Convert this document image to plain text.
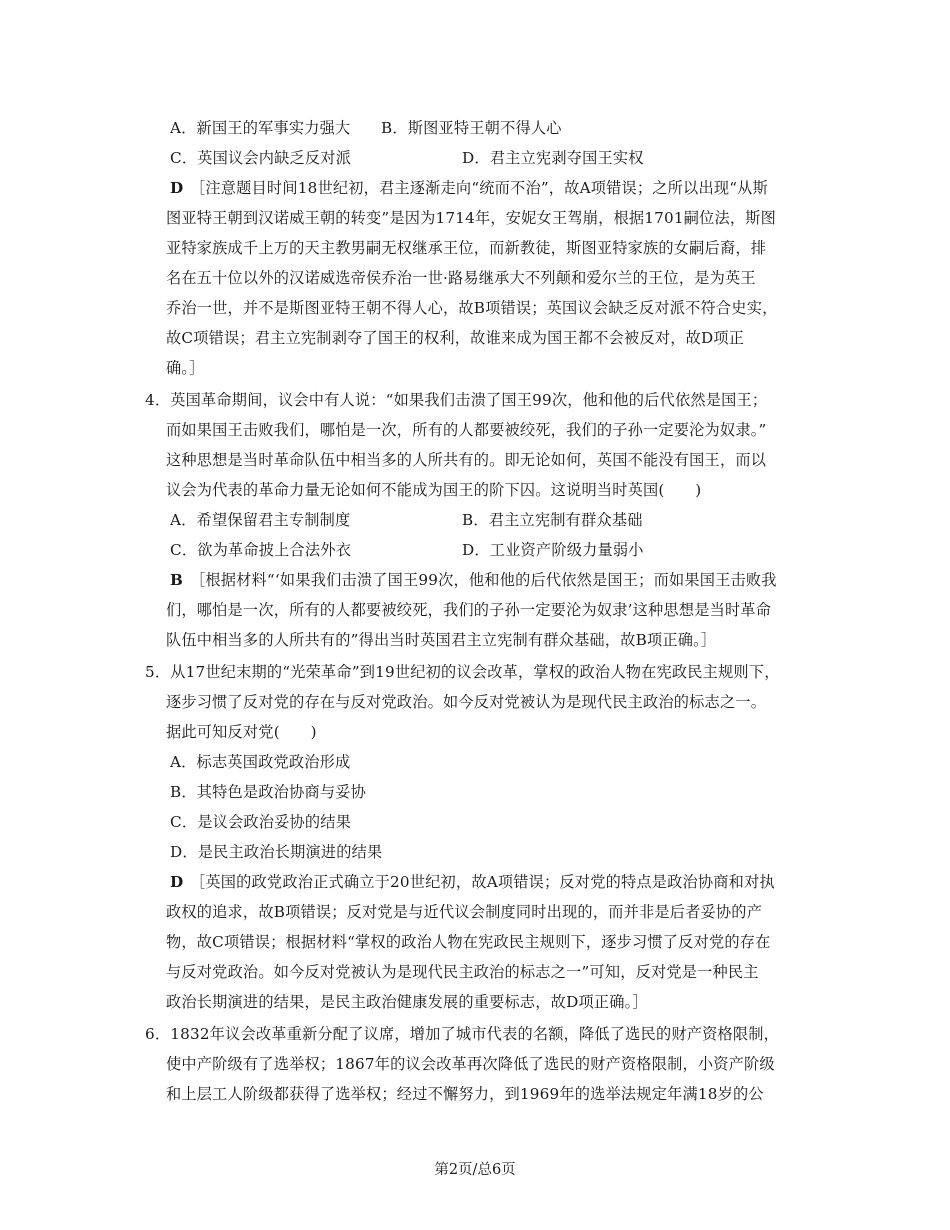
A．新国王的军事实力强大 B．斯图亚特王朝不得人心
C．英国议会内缺乏反对派	D．君主立宪剥夺国王实权
D ［注意题目时间18世纪初，君主逐渐走向“统而不治”，故A项错误；之所以出现“从斯
图亚特王朝到汉诺威王朝的转变”是因为1714年，安妮女王驾崩，根据1701嗣位法，斯图
亚特家族成千上万的天主教男嗣无权继承王位，而新教徒，斯图亚特家族的女嗣后裔，排
名在五十位以外的汉诺威选帝侯乔治一世·路易继承大不列颠和爱尔兰的王位，是为英王
乔治一世，并不是斯图亚特王朝不得人心，故B项错误；英国议会缺乏反对派不符合史实，
故C项错误；君主立宪制剥夺了国王的权利，故谁来成为国王都不会被反对，故D项正
确。］
4．英国革命期间，议会中有人说：“如果我们击溃了国王99次，他和他的后代依然是国王；
而如果国王击败我们，哪怕是一次，所有的人都要被绞死，我们的子孙一定要沦为奴隶。”
这种思想是当时革命队伍中相当多的人所共有的。即无论如何，英国不能没有国王，而以
议会为代表的革命力量无论如何不能成为国王的阶下囚。这说明当时英国(　　)
A．希望保留君主专制制度	B．君主立宪制有群众基础
C．欲为革命披上合法外衣	D．工业资产阶级力量弱小
B ［根据材料“‘如果我们击溃了国王99次，他和他的后代依然是国王；而如果国王击败我
们，哪怕是一次，所有的人都要被绞死，我们的子孙一定要沦为奴隶’这种思想是当时革命
队伍中相当多的人所共有的”得出当时英国君主立宪制有群众基础，故B项正确。］
5．从17世纪末期的“光荣革命”到19世纪初的议会改革，掌权的政治人物在宪政民主规则下，
逐步习惯了反对党的存在与反对党政治。如今反对党被认为是现代民主政治的标志之一。
据此可知反对党(　　)
A．标志英国政党政治形成
B．其特色是政治协商与妥协
C．是议会政治妥协的结果
D．是民主政治长期演进的结果
D ［英国的政党政治正式确立于20世纪初，故A项错误；反对党的特点是政治协商和对执
政权的追求，故B项错误；反对党是与近代议会制度同时出现的，而并非是后者妥协的产
物，故C项错误；根据材料“掌权的政治人物在宪政民主规则下，逐步习惯了反对党的存在
与反对党政治。如今反对党被认为是现代民主政治的标志之一”可知，反对党是一种民主
政治长期演进的结果，是民主政治健康发展的重要标志，故D项正确。］
6．1832年议会改革重新分配了议席，增加了城市代表的名额，降低了选民的财产资格限制，
使中产阶级有了选举权；1867年的议会改革再次降低了选民的财产资格限制，小资产阶级
和上层工人阶级都获得了选举权；经过不懈努力，到1969年的选举法规定年满18岁的公
第2页/总6页
